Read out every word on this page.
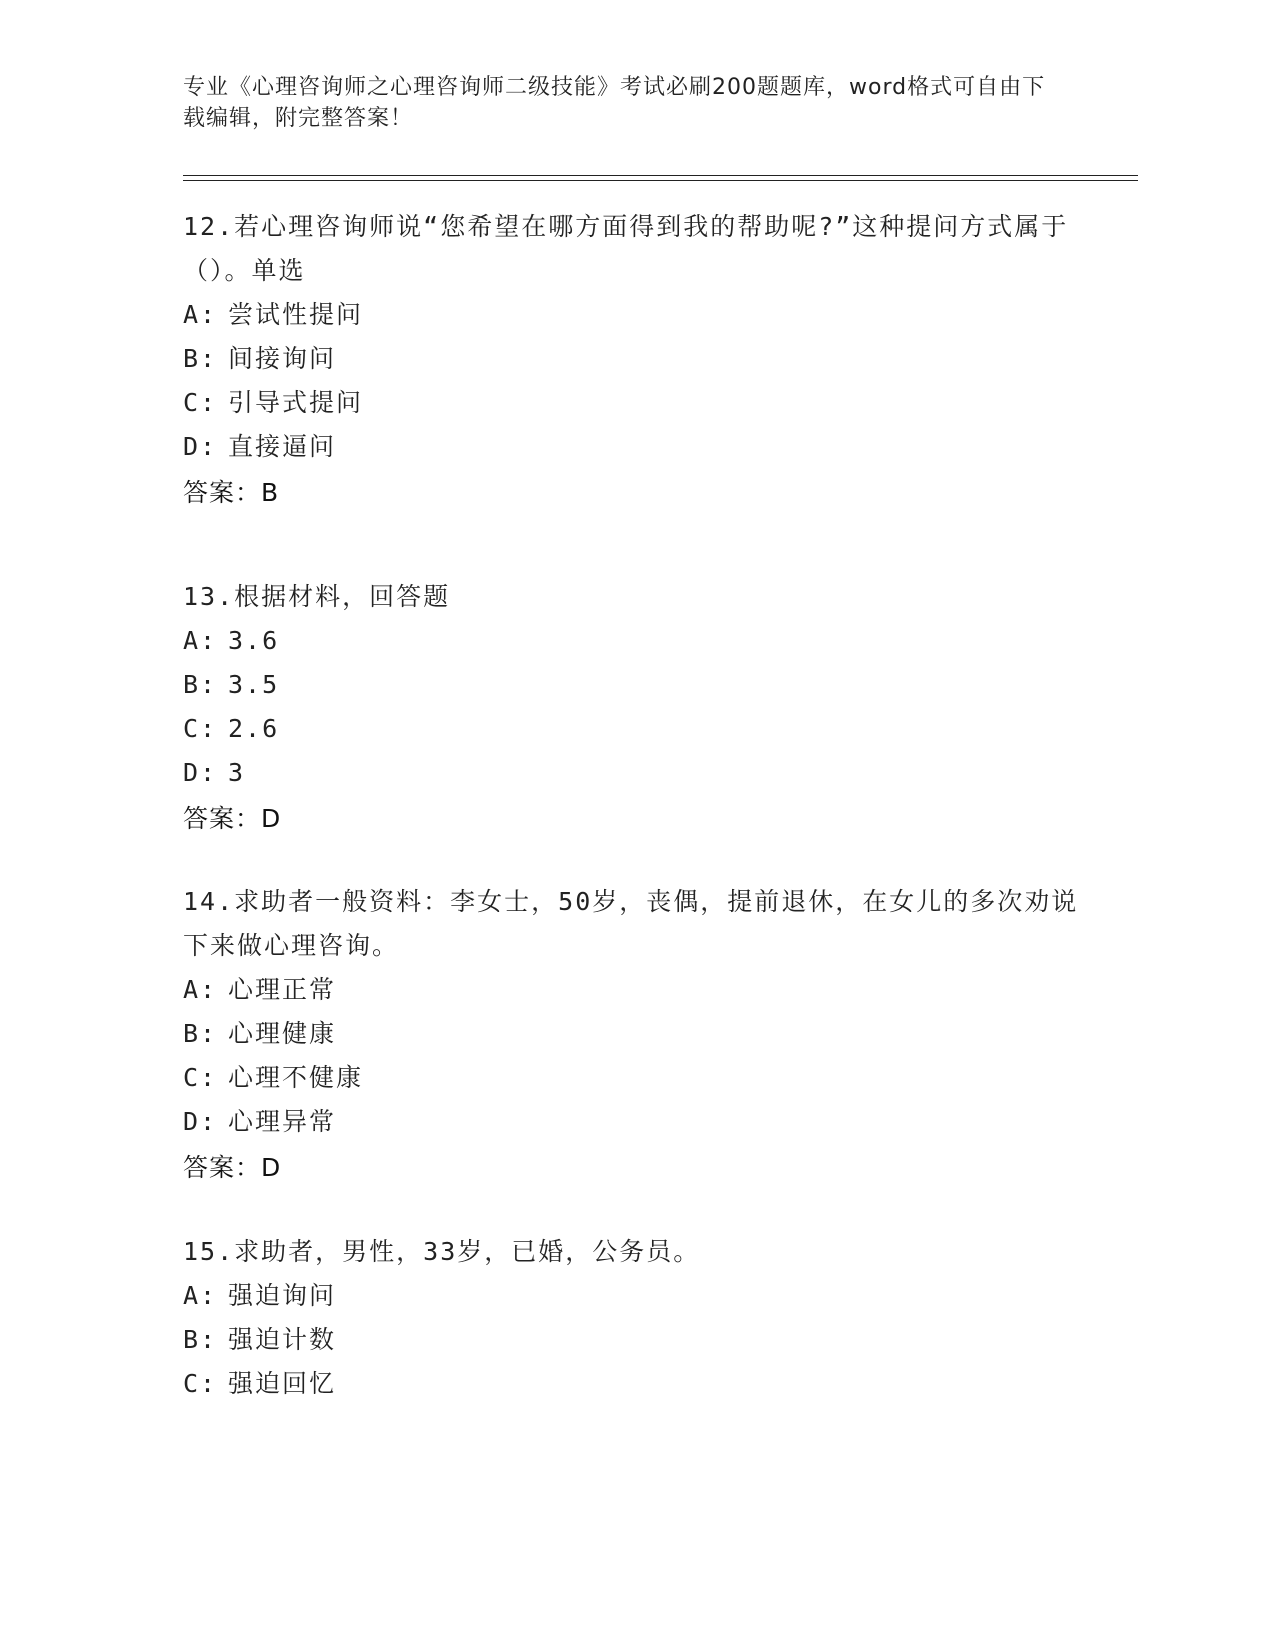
专业《心理咨询师之心理咨询师二级技能》考试必刷200题题库，word格式可自由下载编辑，附完整答案！
12.若心理咨询师说“您希望在哪方面得到我的帮助呢?”这种提问方式属于（）。单选
A: 尝试性提问
B: 间接询问
C: 引导式提问
D: 直接逼问
答案：B
13.根据材料，回答题
A: 3.6
B: 3.5
C: 2.6
D: 3
答案：D
14.求助者一般资料：李女士，50岁，丧偶，提前退休，在女儿的多次劝说下来做心理咨询。
A: 心理正常
B: 心理健康
C: 心理不健康
D: 心理异常
答案：D
15.求助者，男性，33岁，已婚，公务员。
A: 强迫询问
B: 强迫计数
C: 强迫回忆
